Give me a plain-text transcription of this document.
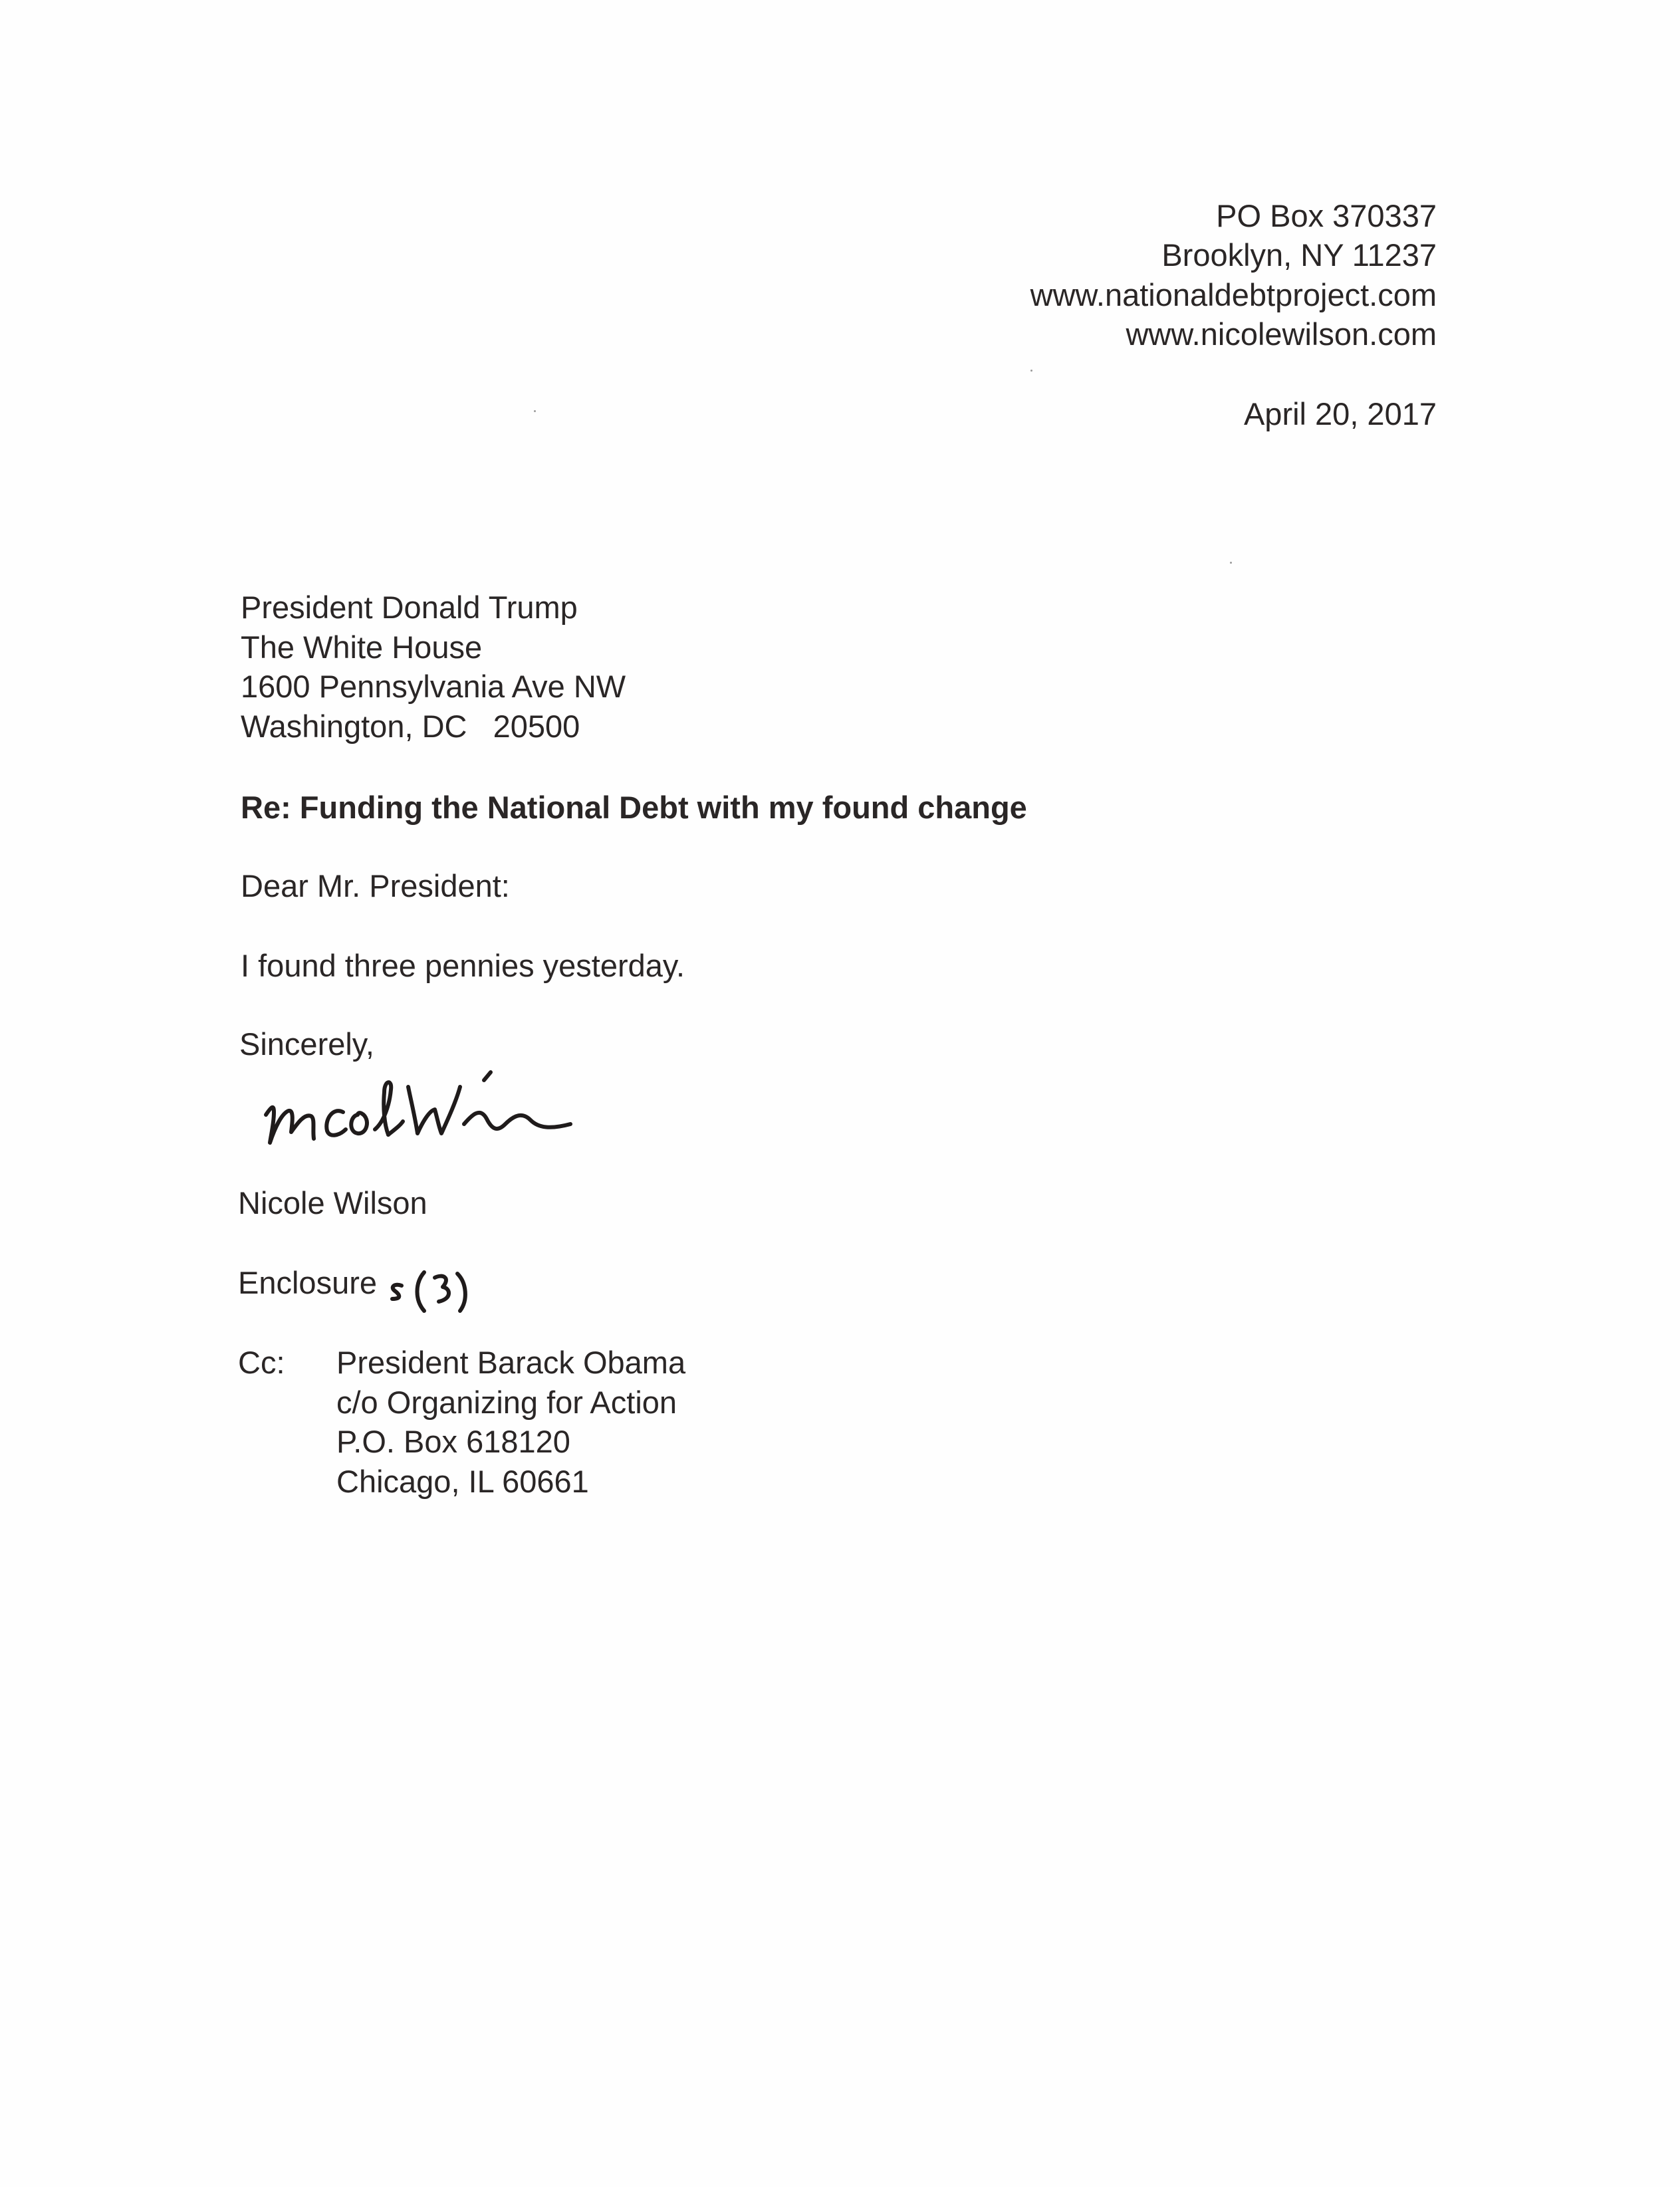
PO Box 370337
Brooklyn, NY 11237
www.nationaldebtproject.com
www.nicolewilson.com
April 20, 2017
President Donald Trump
The White House
1600 Pennsylvania Ave NW
Washington, DC   20500
Re: Funding the National Debt with my found change
Dear Mr. President:
I found three pennies yesterday.
Sincerely,
Nicole Wilson
Enclosure
Cc: President Barack Obama
c/o Organizing for Action
P.O. Box 618120
Chicago, IL 60661
